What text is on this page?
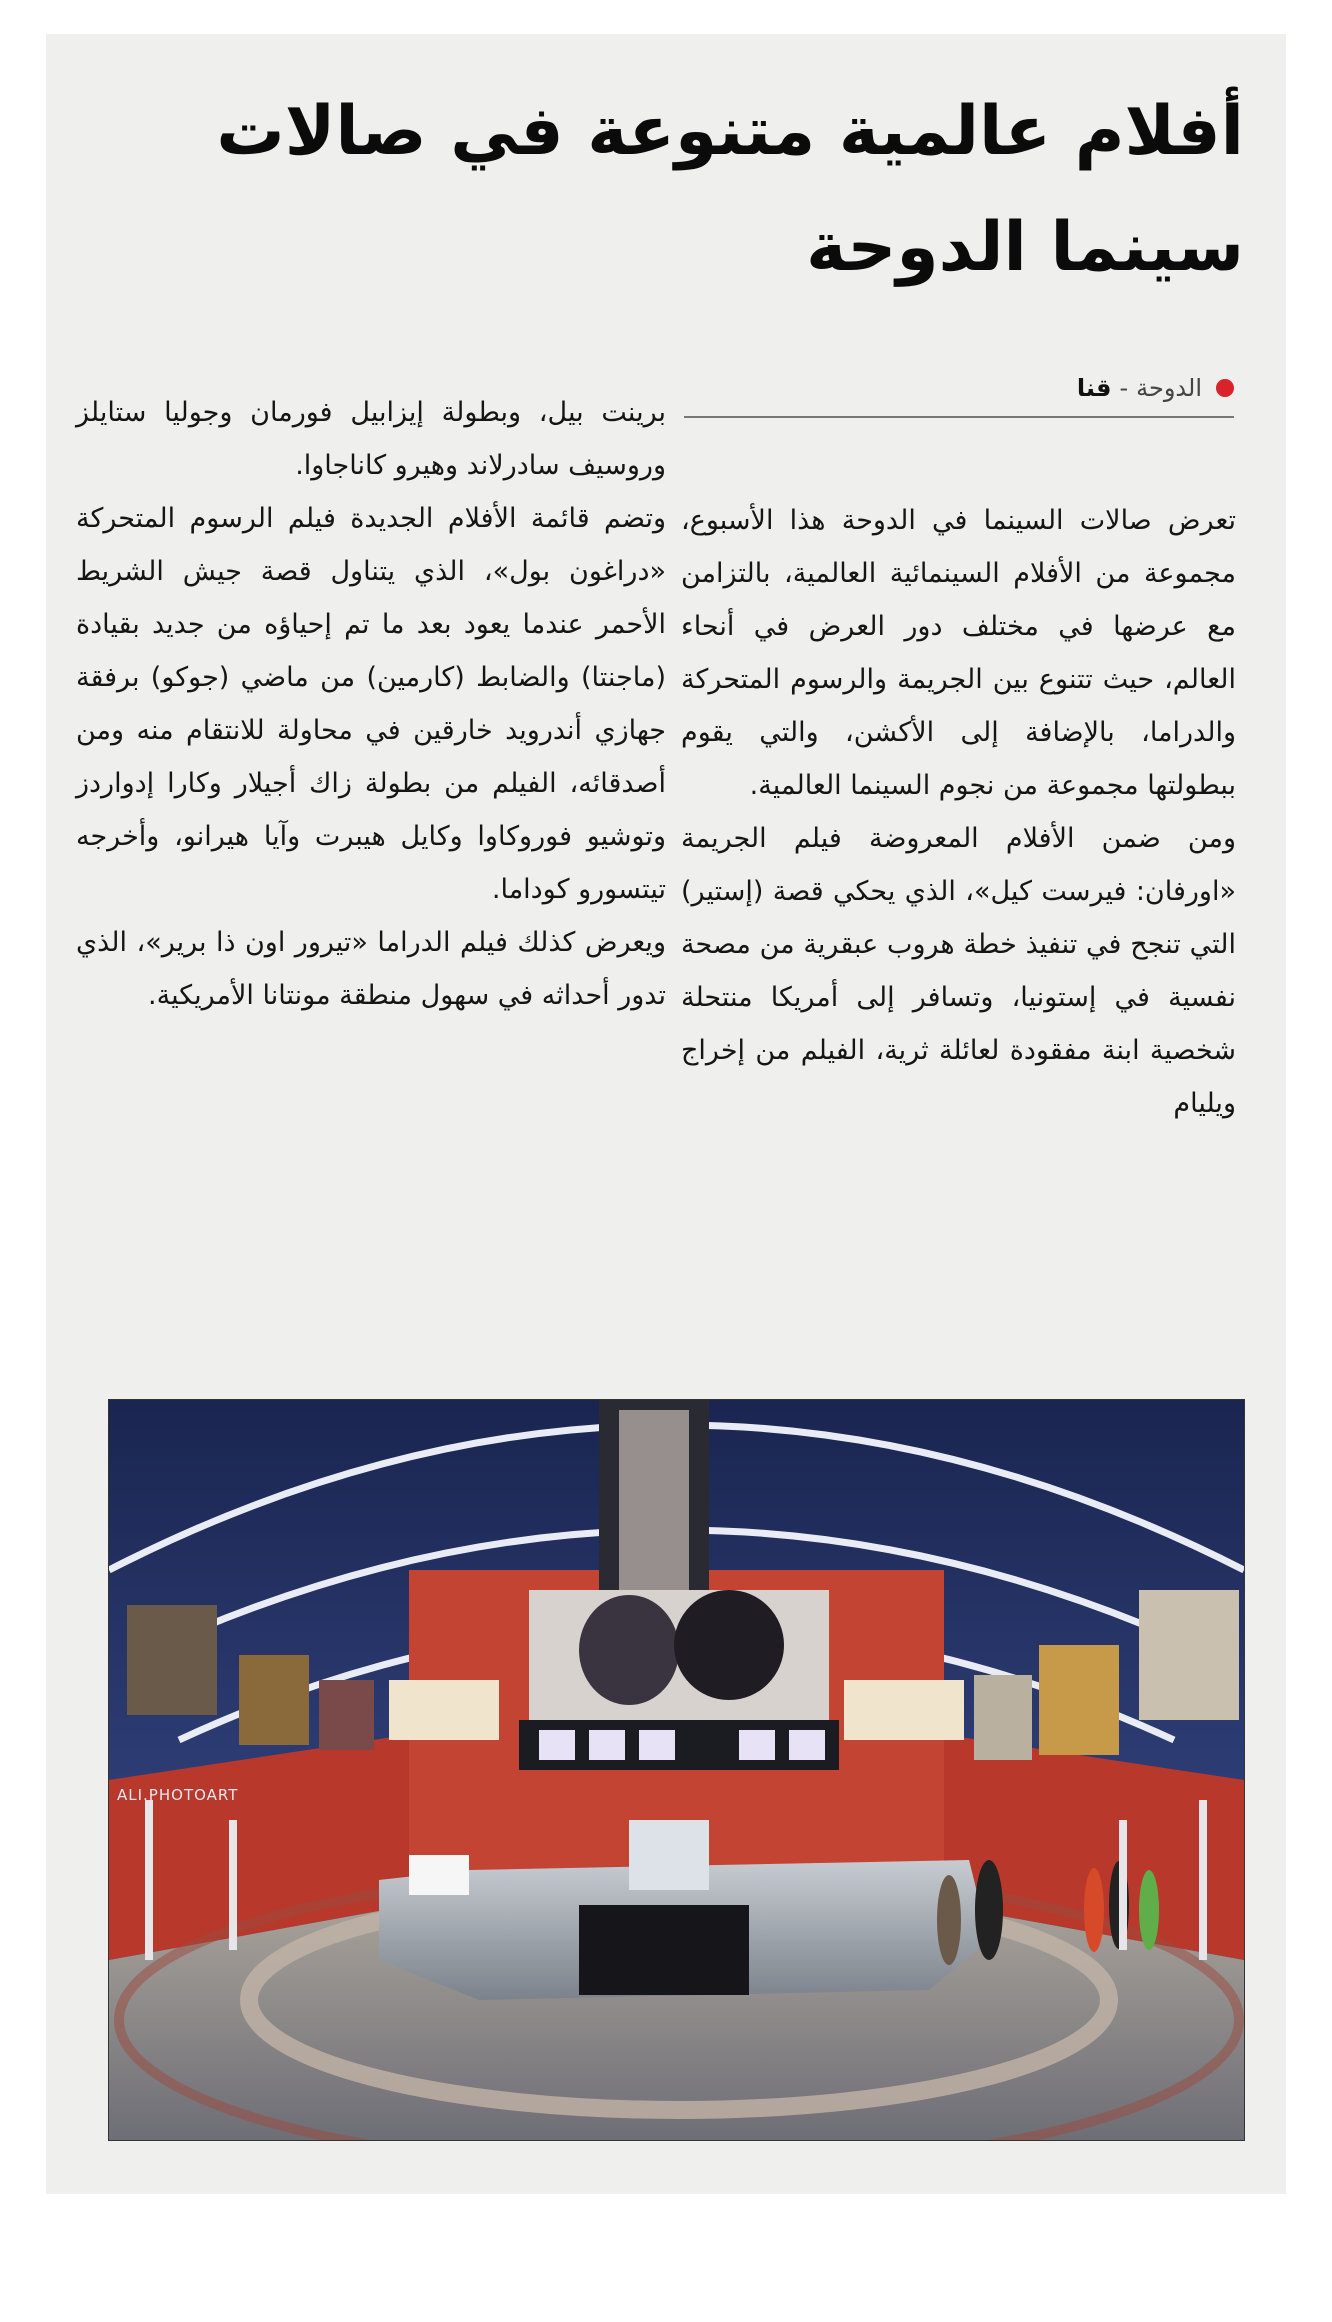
أفلام عالمية متنوعة في صالات
سينما الدوحة
الدوحة
-
قنا

تعرض صالات السينما في الدوحة هذا الأسبوع، مجموعة من الأفلام السينمائية العالمية، بالتزامن مع عرضها في مختلف دور العرض في أنحاء العالم، حيث تتنوع بين الجريمة والرسوم المتحركة والدراما، بالإضافة إلى الأكشن، والتي يقوم ببطولتها مجموعة من نجوم السينما العالمية.

ومن ضمن الأفلام المعروضة فيلم الجريمة «اورفان: فيرست كيل»، الذي يحكي قصة (إستير) التي تنجح في تنفيذ خطة هروب عبقرية من مصحة نفسية في إستونيا، وتسافر إلى أمريكا منتحلة شخصية ابنة مفقودة لعائلة ثرية، الفيلم من إخراج ويليام

برينت بيل، وبطولة إيزابيل فورمان وجوليا ستايلز وروسيف سادرلاند وهيرو كاناجاوا.

وتضم قائمة الأفلام الجديدة فيلم الرسوم المتحركة «دراغون بول»، الذي يتناول قصة جيش الشريط الأحمر عندما يعود بعد ما تم إحياؤه من جديد بقيادة (ماجنتا) والضابط (كارمين) من ماضي (جوكو) برفقة جهازي أندرويد خارقين في محاولة للانتقام منه ومن أصدقائه، الفيلم من بطولة زاك أجيلار وكارا إدواردز وتوشيو فوروكاوا وكايل هيبرت وآيا هيرانو، وأخرجه تيتسورو كوداما.

ويعرض كذلك فيلم الدراما «تيرور اون ذا برير»، الذي تدور أحداثه في سهول منطقة مونتانا الأمريكية.

ALI.PHOTOART
